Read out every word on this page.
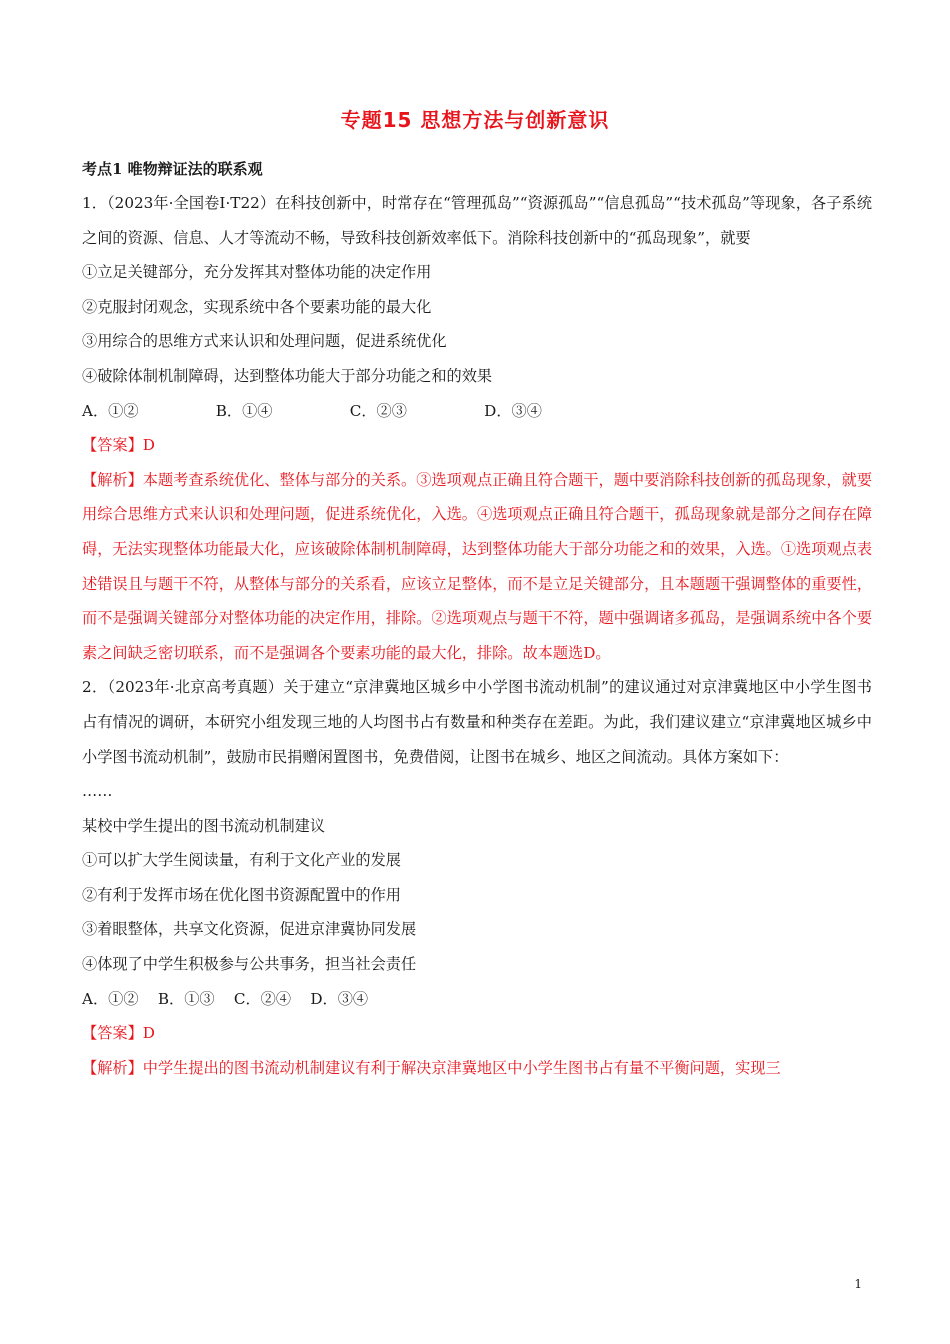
专题15 思想方法与创新意识
考点1 唯物辩证法的联系观

1．（2023年·全国卷Ⅰ·T22）在科技创新中，时常存在“管理孤岛”“资源孤岛”“信息孤岛”“技术孤岛”等现象，各子系统之间的资源、信息、人才等流动不畅，导致科技创新效率低下。消除科技创新中的“孤岛现象”，就要

①立足关键部分，充分发挥其对整体功能的决定作用

②克服封闭观念，实现系统中各个要素功能的最大化

③用综合的思维方式来认识和处理问题，促进系统优化

④破除体制机制障碍，达到整体功能大于部分功能之和的效果

A．①②                B．①④                C．②③                D．③④

【答案】D

【解析】本题考查系统优化、整体与部分的关系。③选项观点正确且符合题干，题中要消除科技创新的孤岛现象，就要用综合思维方式来认识和处理问题，促进系统优化，入选。④选项观点正确且符合题干，孤岛现象就是部分之间存在障碍，无法实现整体功能最大化，应该破除体制机制障碍，达到整体功能大于部分功能之和的效果，入选。①选项观点表述错误且与题干不符，从整体与部分的关系看，应该立足整体，而不是立足关键部分，且本题题干强调整体的重要性，而不是强调关键部分对整体功能的决定作用，排除。②选项观点与题干不符，题中强调诸多孤岛，是强调系统中各个要素之间缺乏密切联系，而不是强调各个要素功能的最大化，排除。故本题选D。

2．（2023年·北京高考真题）关于建立“京津冀地区城乡中小学图书流动机制”的建议通过对京津冀地区中小学生图书占有情况的调研，本研究小组发现三地的人均图书占有数量和种类存在差距。为此，我们建议建立“京津冀地区城乡中小学图书流动机制”，鼓励市民捐赠闲置图书，免费借阅，让图书在城乡、地区之间流动。具体方案如下：

……

某校中学生提出的图书流动机制建议

①可以扩大学生阅读量，有利于文化产业的发展

②有利于发挥市场在优化图书资源配置中的作用

③着眼整体，共享文化资源，促进京津冀协同发展

④体现了中学生积极参与公共事务，担当社会责任

A．①②    B．①③    C．②④    D．③④

【答案】D

【解析】中学生提出的图书流动机制建议有利于解决京津冀地区中小学生图书占有量不平衡问题，实现三

1
